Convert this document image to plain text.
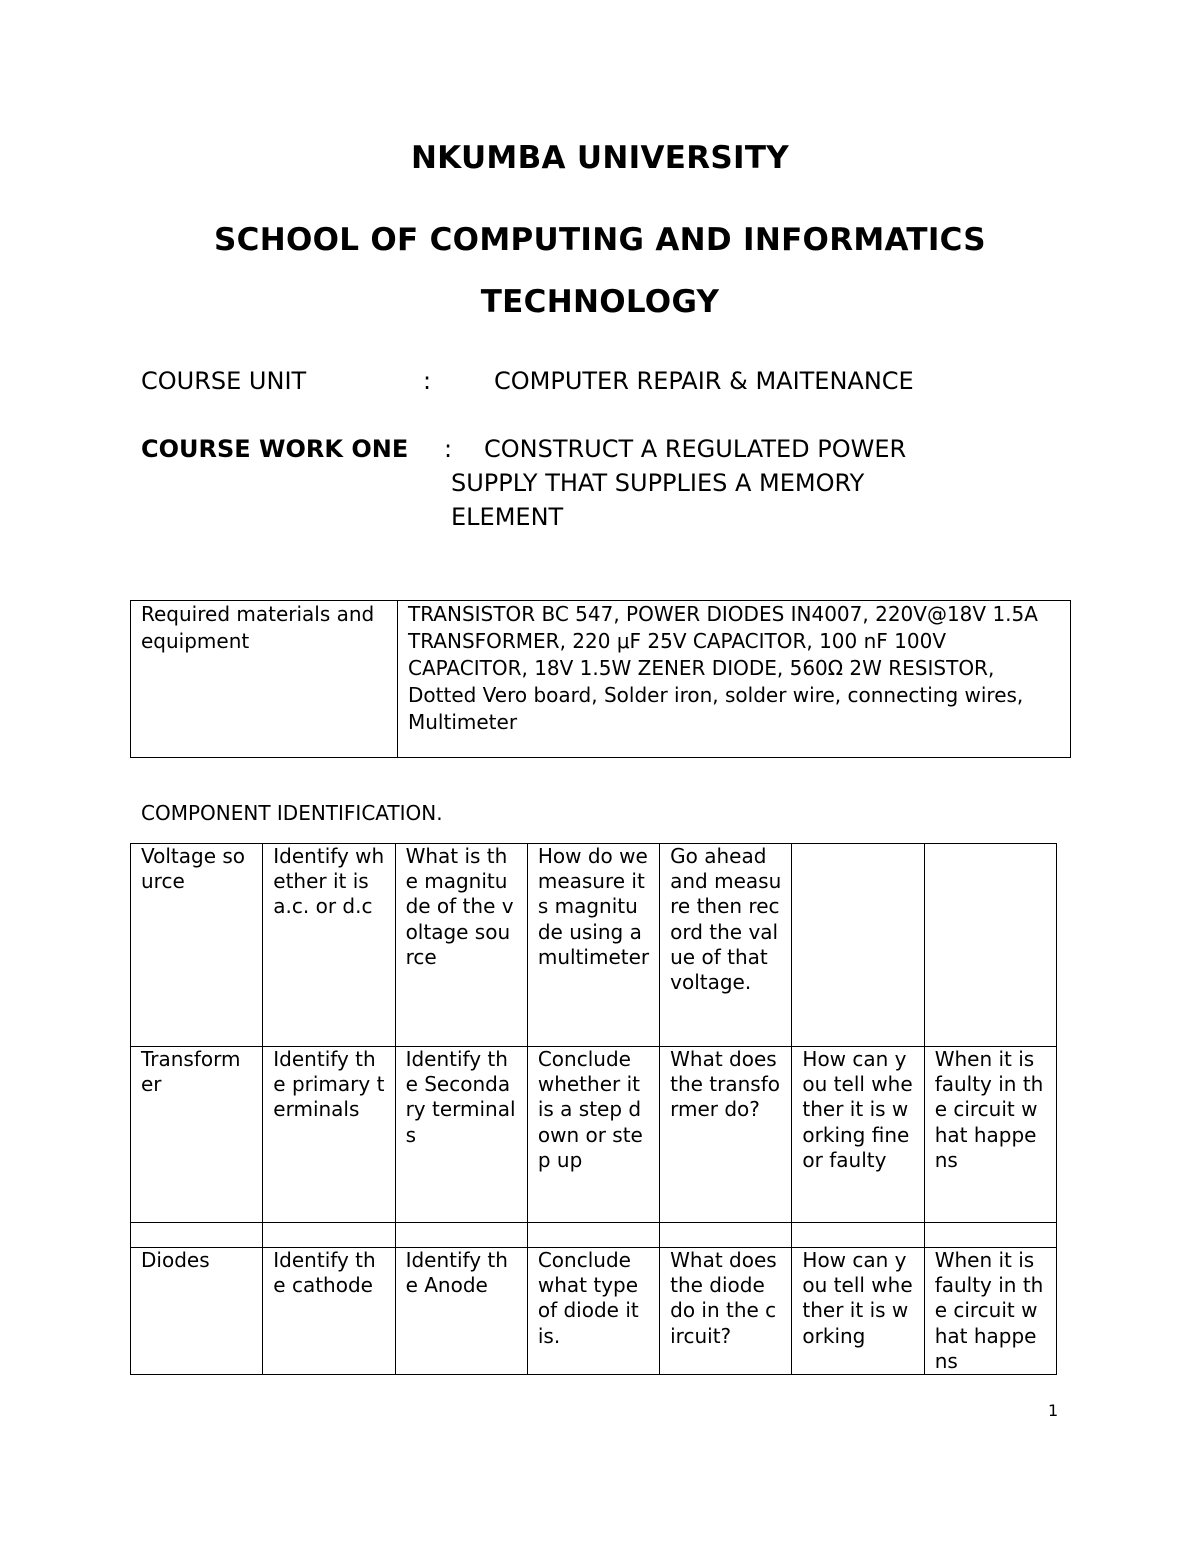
NKUMBA UNIVERSITY

SCHOOL OF COMPUTING AND INFORMATICS

TECHNOLOGY

COURSE UNIT	:	COMPUTER REPAIR & MAITENANCE

COURSE WORK ONE : CONSTRUCT A REGULATED POWER

SUPPLY THAT SUPPLIES A MEMORY

ELEMENT

Required materials and equipment	TRANSISTOR BC 547, POWER DIODES IN4007, 220V@18V 1.5A TRANSFORMER, 220 μF 25V CAPACITOR, 100 nF 100V CAPACITOR, 18V 1.5W ZENER DIODE, 560Ω 2W RESISTOR, Dotted Vero board, Solder iron, solder wire, connecting wires, Multimeter

COMPONENT IDENTIFICATION.

Voltage source	Identify whether it is a.c. or d.c	What is the magnitude of the voltage source	How do we measure its magnitude using a multimeter	Go ahead and measure then record the value of that voltage.		
Transformer	Identify the primary terminals	Identify the Secondary terminals	Conclude whether it is a step down or step up	What does the transformer do?	How can you tell whether it is working fine or faulty	When it is faulty in the circuit what happens

Diodes	Identify the cathode	Identify the Anode	Conclude what type of diode it is.	What does the diode do in the circuit?	How can you tell whether it is working	When it is faulty in the circuit what happens

1
